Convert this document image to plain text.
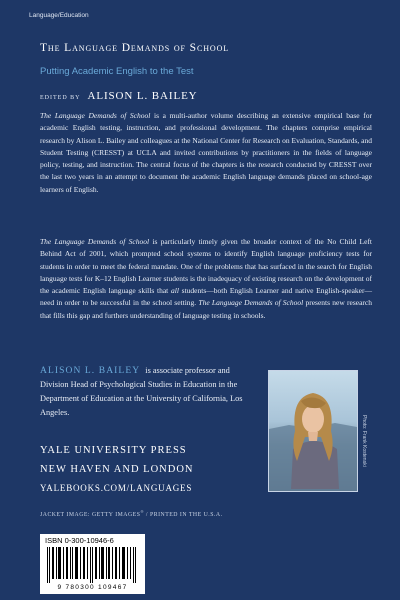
Language/Education
The Language Demands of School
Putting Academic English to the Test
EDITED BY ALISON L. BAILEY

The Language Demands of School is a multi-author volume describing an extensive empirical base for academic English testing, instruction, and professional development. The chapters comprise empirical research by Alison L. Bailey and colleagues at the National Center for Research on Evaluation, Standards, and Student Testing (CRESST) at UCLA and invited contributions by practitioners in the fields of language policy, testing, and instruction. The central focus of the chapters is the research conducted by CRESST over the last two years in an attempt to document the academic English language demands placed on school-age learners of English.

The Language Demands of School is particularly timely given the broader context of the No Child Left Behind Act of 2001, which prompted school systems to identify English language proficiency tests for students in order to meet the federal mandate. One of the problems that has surfaced in the search for English language tests for K–12 English Learner students is the inadequacy of existing research on the development of the academic English language skills that all students—both English Learner and native English-speaker—need in order to be successful in the school setting. The Language Demands of School presents new research that fills this gap and furthers understanding of language testing in schools.

ALISON L. BAILEY is associate professor and Division Head of Psychological Studies in Education in the Department of Education at the University of California, Los Angeles.

YALE UNIVERSITY PRESS
NEW HAVEN AND LONDON
YALEBOOKS.COM/LANGUAGES
JACKET IMAGE: GETTY IMAGES® / PRINTED IN THE U.S.A.
Photo: Frank Kostenski
ISBN 0-300-10946-6
9 780300 109467
